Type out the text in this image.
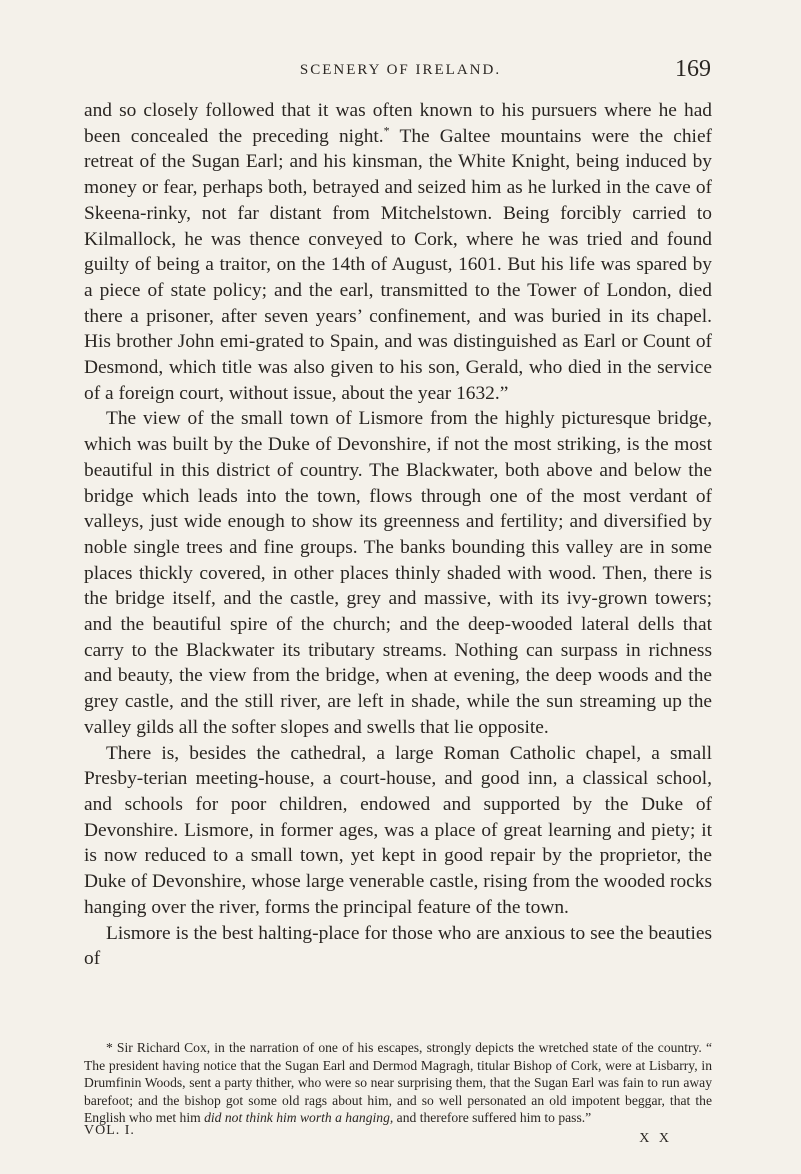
SCENERY OF IRELAND.	169

and so closely followed that it was often known to his pursuers where he had been concealed the preceding night.* The Galtee mountains were the chief retreat of the Sugan Earl; and his kinsman, the White Knight, being induced by money or fear, perhaps both, betrayed and seized him as he lurked in the cave of Skeena-rinky, not far distant from Mitchelstown. Being forcibly carried to Kilmallock, he was thence conveyed to Cork, where he was tried and found guilty of being a traitor, on the 14th of August, 1601. But his life was spared by a piece of state policy; and the earl, transmitted to the Tower of London, died there a prisoner, after seven years’ confinement, and was buried in its chapel. His brother John emi-grated to Spain, and was distinguished as Earl or Count of Desmond, which title was also given to his son, Gerald, who died in the service of a foreign court, without issue, about the year 1632.”

The view of the small town of Lismore from the highly picturesque bridge, which was built by the Duke of Devonshire, if not the most striking, is the most beautiful in this district of country. The Blackwater, both above and below the bridge which leads into the town, flows through one of the most verdant of valleys, just wide enough to show its greenness and fertility; and diversified by noble single trees and fine groups. The banks bounding this valley are in some places thickly covered, in other places thinly shaded with wood. Then, there is the bridge itself, and the castle, grey and massive, with its ivy-grown towers; and the beautiful spire of the church; and the deep-wooded lateral dells that carry to the Blackwater its tributary streams. Nothing can surpass in richness and beauty, the view from the bridge, when at evening, the deep woods and the grey castle, and the still river, are left in shade, while the sun streaming up the valley gilds all the softer slopes and swells that lie opposite.

There is, besides the cathedral, a large Roman Catholic chapel, a small Presby-terian meeting-house, a court-house, and good inn, a classical school, and schools for poor children, endowed and supported by the Duke of Devonshire. Lismore, in former ages, was a place of great learning and piety; it is now reduced to a small town, yet kept in good repair by the proprietor, the Duke of Devonshire, whose large venerable castle, rising from the wooded rocks hanging over the river, forms the principal feature of the town.

Lismore is the best halting-place for those who are anxious to see the beauties of

* Sir Richard Cox, in the narration of one of his escapes, strongly depicts the wretched state of the country. “ The president having notice that the Sugan Earl and Dermod Magragh, titular Bishop of Cork, were at Lisbarry, in Drumfinin Woods, sent a party thither, who were so near surprising them, that the Sugan Earl was fain to run away barefoot; and the bishop got some old rags about him, and so well personated an old impotent beggar, that the English who met him did not think him worth a hanging, and therefore suffered him to pass.”

VOL. I.
X X
